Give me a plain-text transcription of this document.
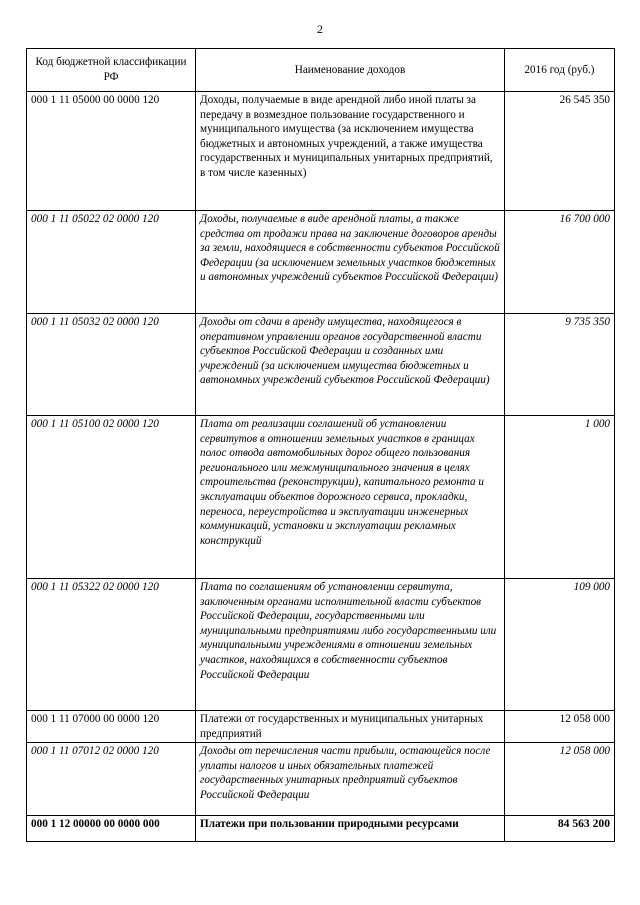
2
Код бюджетной классификации РФ	Наименование доходов	2016 год (руб.)
000 1 11 05000 00 0000 120	Доходы, получаемые в виде арендной либо иной платы за передачу в возмездное пользование государственного и муниципального имущества (за исключением имущества бюджетных и автономных учреждений, а также имущества государственных и муниципальных унитарных предприятий, в том числе казенных)	26 545 350
000 1 11 05022 02 0000 120	Доходы, получаемые в виде арендной платы, а также средства от продажи права на заключение договоров аренды за земли, находящиеся в собственности субъектов Российской Федерации (за исключением земельных участков бюджетных и автономных учреждений субъектов Российской Федерации)	16 700 000
000 1 11 05032 02 0000 120	Доходы от сдачи в аренду имущества, находящегося в оперативном управлении органов государственной власти субъектов Российской Федерации и созданных ими учреждений (за исключением имущества бюджетных и автономных учреждений субъектов Российской Федерации)	9 735 350
000 1 11 05100 02 0000 120	Плата от реализации соглашений об установлении сервитутов в отношении земельных участков в границах полос отвода автомобильных дорог общего пользования регионального или межмуниципального значения в целях строительства (реконструкции), капитального ремонта и эксплуатации объектов дорожного сервиса, прокладки, переноса, переустройства и эксплуатации инженерных коммуникаций, установки и эксплуатации рекламных конструкций	1 000
000 1 11 05322 02 0000 120	Плата по соглашениям об установлении сервитута, заключенным органами исполнительной власти субъектов Российской Федерации, государственными или муниципальными предприятиями либо государственными или муниципальными учреждениями в отношении земельных участков, находящихся в собственности субъектов Российской Федерации	109 000
000 1 11 07000 00 0000 120	Платежи от государственных и муниципальных унитарных предприятий	12 058 000
000 1 11 07012 02 0000 120	Доходы от перечисления части прибыли, остающейся после уплаты налогов и иных обязательных платежей государственных унитарных предприятий субъектов Российской Федерации	12 058 000
000 1 12 00000 00 0000 000	Платежи при пользовании природными ресурсами	84 563 200
